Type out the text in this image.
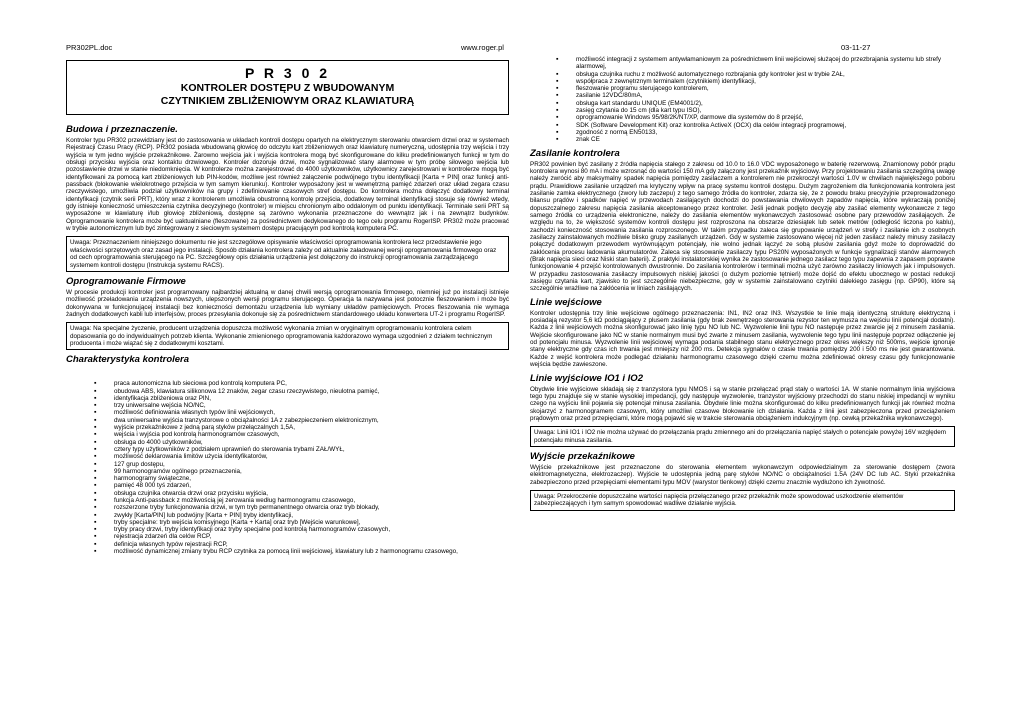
PR302PL.doc	www.roger.pl	03-11-27
P R 3 0 2
KONTROLER DOSTĘPU Z WBUDOWANYM
CZYTNIKIEM ZBLIŻENIOWYM ORAZ KLAWIATURĄ
Budowa i przeznaczenie.
Kontroler typu PR302 przewidziany jest do zastosowania w układach kontroli dostępu opartych na elektrycznym sterowaniu otwarciem drzwi oraz w systemach Rejestracji Czasu Pracy (RCP). PR302 posiada wbudowaną głowicę do odczytu kart zbliżeniowych oraz klawiaturę numeryczną, udostępnia trzy wejścia i trzy wyjścia w tym jedno wyjście przekaźnikowe. Żarowno wejścia jak i wyjścia kontrolera mogą być skonfigurowane do kilku predefiniowanych funkcji w tym do obsługi przycisku wyjścia oraz kontaktu drzwiowego. Kontroler dozoruje drzwi, może sygnalizować stany alarmowe w tym próbę siłowego wejścia lub pozostawienie drzwi w stanie niedomknięcia. W kontrolerze można zarejestrować do 4000 użytkowników, użytkownicy zarejestrowani w kontrolerze mogą być identyfikowani za pomocą kart zbliżeniowych lub PIN-kodów, możliwe jest również załączenie podwójnego trybu identyfikacji [Karta + PIN] oraz funkcji anti-passback (blokowanie wielokrotnego przejścia w tym samym kierunku). Kontroler wyposażony jest w wewnętrzną pamięć zdarzeń oraz układ zegara czasu rzeczywistego, umożliwia podział użytkowników na grupy i zdefiniowanie czasowych stref dostępu. Do kontrolera można dołączyć dodatkowy terminal identyfikacji (czytnik serii PRT), który wraz z kontrolerem umożliwia obustronną kontrolę przejścia, dodatkowy terminal identyfikacji stosuje się również wtedy, gdy istnieje konieczność umieszczenia czytnika decyzyjnego (kontroler) w miejscu chronionym albo oddalonym od punktu identyfikacji. Terminale serii PRT są wyposażone w klawiaturę i/lub głowicę zbliżeniową, dostępne są zarówno wykonania przeznaczone do wewnątrz jak i na zewnątrz budynków. Oprogramowanie kontrolera może być uaktualniane (fleszowane) za pośrednictwem dedykowanego do tego celu programu RogerISP. PR302 może pracować w trybie autonomicznym lub być zintegrowany z sieciowym systemem dostępu pracującym pod kontrolą komputera PC.
Uwaga: Przeznaczeniem niniejszego dokumentu nie jest szczegółowe opisywanie właściwości oprogramowania kontrolera lecz przedstawienie jego właściwości sprzętowych oraz zasad jego instalacji. Sposób działania kontrolera zależy od aktualnie załadowanej wersji oprogramowania firmowego oraz od cech oprogramowania sterującego na PC. Szczegółowy opis działania urządzenia jest dołączony do instrukcji oprogramowania zarządzającego systemem kontroli dostępu (Instrukcja systemu RACS).
Oprogramowanie Firmowe
W procesie produkcji kontroler jest programowany najbardziej aktualną w danej chwili wersją oprogramowania firmowego, niemniej już po instalacji istnieje możliwość przeładowania urządzenia nowszych, ulepszonych wersji programu sterującego. Operacja ta nazywana jest potocznie fleszowaniem i może być dokonywana w funkcjonującej instalacji bez konieczności demontażu urządzenia lub wymiany układów pamięciowych. Proces fleszowania nie wymaga żadnych dodatkowych kabli lub interfejsów, proces przesyłania dokonuje się za pośrednictwem standardowego układu konwertera UT-2 i programu RogerISP.
Uwaga: Na specjalne życzenie, producent urządzenia dopuszcza możliwość wykonania zmian w oryginalnym oprogramowaniu kontrolera celem dopasowania go do indywidualnych potrzeb klienta. Wykonanie zmienionego oprogramowania każdorazowo wymaga uzgodnień z działem technicznym producenta i może wiązać się z dodatkowymi kosztami.
Charakterystyka kontrolera
▪ praca autonomiczna lub sieciowa pod kontrolą komputera PC,
▪ obudowa ABS, klawiatura silikonowa 12 znaków, zegar czasu rzeczywistego, nieulotna pamięć,
▪ identyfikacja zbliżeniowa oraz PIN,
▪ trzy uniwersalne wejścia NO/NC,
▪ możliwość definiowania własnych typów linii wejściowych,
▪ dwa uniwersalne wyjścia tranzystorowe o obciążalności 1A z zabezpieczeniem elektronicznym,
▪ wyjście przekaźnikowe z jedną parą styków przełączalnych 1,5A,
▪ wejścia i wyjścia pod kontrolą harmonogramów czasowych,
▪ obsługa do 4000 użytkowników,
▪ cztery typy użytkowników z podziałem uprawnień do sterowania trybami ZAŁ/WYŁ,
▪ możliwość deklarowania limitów użycia identyfikatorów,
▪ 127 grup dostępu,
▪ 99 harmonogramów ogólnego przeznaczenia,
▪ harmonogramy świąteczne,
▪ pamięć 48 000 tyś zdarzeń,
▪ obsługa czujnika otwarcia drzwi oraz przycisku wyjścia,
▪ funkcja Anti-passback z możliwością jej zerowania według harmonogramu czasowego,
▪ rozszerzone tryby funkcjonowania drzwi, w tym tryb permanentnego otwarcia oraz tryb blokady,
▪ zwykły [Karta/PIN] lub podwójny [Karta + PIN] tryby identyfikacji,
▪ tryby specjalne: tryb wejścia komisyjnego [Karta + Karta] oraz tryb [Wejście warunkowe],
▪ tryby pracy drzwi, tryby identyfikacji oraz tryby specjalne pod kontrolą harmonogramów czasowych,
▪ rejestracja zdarzeń dla celów RCP,
▪ definicja własnych typów rejestracji RCP,
▪ możliwość dynamicznej zmiany trybu RCP czytnika za pomocą linii wejściowej, klawiatury lub z harmonogramu czasowego,
▪ możliwość integracji z systemem antywłamaniowym za pośrednictwem linii wejściowej służącej do przezbrajania systemu lub strefy alarmowej,
▪ obsługa czujnika ruchu z możliwość automatycznego rozbrajania gdy kontroler jest w trybie ZAŁ,
▪ współpraca z zewnętrznym terminalem (czytnikiem) identyfikacji,
▪ fleszowanie programu sterującego kontrolerem,
▪ zasilanie 12VDC/80mA,
▪ obsługa kart standardu UNIQUE (EM4001/2),
▪ zasięg czytania do 15 cm (dla kart typu ISO),
▪ oprogramowanie Windows 95/98/2K/NT/XP, darmowe dla systemów do 8 przejść,
▪ SDK (Software Development Kit) oraz kontrolka ActiveX (OCX) dla celów integracji programowej,
▪ zgodność z normą EN50133,
▪ znak CE
Zasilanie kontrolera
PR302 powinien być zasilany z źródła napięcia stałego z zakresu od 10.0 to 16.0 VDC wyposażonego w baterię rezerwową. Znamionowy pobór prądu kontrolera wynosi 80 mA i może wzrosnąć do wartości 150 mA gdy załączony jest przekaźnik wyjściowy. Przy projektowaniu zasilania szczególną uwagę należy zwrócić aby maksymalny spadek napięcia pomiędzy zasilaczem a kontrolerem nie przekroczył wartości 1.0V w chwilach największego poboru prądu. Prawidłowe zasilanie urządzeń ma krytyczny wpływ na pracę systemu kontroli dostępu. Dużym zagrożeniem dla funkcjonowania kontrolera jest zasilanie zamka elektrycznego (zwory lub zaczepu) z tego samego źródła do kontroler, zdarza się, że z powodu braku precyzyjnie przeprowadzonego bilansu prądów i spadków napięć w przewodach zasilających dochodzi do powstawania chwilowych zapadów napięcia, które wykraczają poniżej dopuszczalnego zakresu napięcia zasilania akceptowanego przez kontroler. Jeśli jednak podjęto decyzję aby zasilać elementy wykonawcze z tego samego źródła co urządzenia elektroniczne, należy do zasilania elementów wykonawczych zastosować osobne pary przewodów zasilających. Ze względu na to, że większość systemów kontroli dostępu jest rozproszona na obszarze dziesiątek lub setek metrów (odległość liczona po kablu), zachodzi konieczność stosowania zasilania rozproszonego. W takim przypadku zaleca się grupowanie urządzeń w strefy i zasilanie ich z osobnych zasilaczy zainstalowanych możliwie blisko grupy zasilanych urządzeń. Gdy w systemie zastosowano więcej niż jeden zasilacz należy minusy zasilaczy połączyć dodatkowym przewodem wyrównującym potencjały, nie wolno jednak łączyć ze sobą plusów zasilania gdyż może to doprowadzić do zakłócenia procesu ładowania akumulatorów. Zaleca się stosowanie zasilaczy typu PS20N wyposażonych w funkcje sygnalizacji stanów alarmowych (Brak napięcia sieci oraz Niski stan baterii). Z praktyki instalatorskiej wynika że zastosowanie jednego zasilacz tego typu zapewnia z zapasem poprawne funkcjonowanie 4 przejść kontrolowanych dwustronnie. Do zasilania kontrolerów i terminali można użyć zarówno zasilaczy liniowych jak i impulsowych. W przypadku zastosowania zasilaczy impulsowych niskiej jakości (o dużym poziomie tętnień) może dojść do efektu ubocznego w postaci redukcji zasięgu czytania kart, zjawisko to jest szczególnie niebezpieczne, gdy w systemie zainstalowano czytniki dalekiego zasięgu (np. GP90), które są szczególnie wrażliwe na zakłócenia w liniach zasilających.
Linie wejściowe
Kontroler udostępnia trzy linie wejściowe ogólnego przeznaczenia: IN1, IN2 oraz IN3. Wszystkie te linie mają identyczną strukturę elektryczną i posiadają rezystor 5,6 kΩ podciągający z plusem zasilania (gdy brak zewnętrzego sterowania rezystor ten wymusza na wejściu linii potencjał dodatni). Każda z linii wejściowych można skonfigurować jako linię typu NO lub NC. Wyzwolenie linii typu NO następuje przez zwarcie jej z minusem zasilania. Wejście skonfigurowane jako NC w stanie normalnym musi być zwarte z minusem zasilania, wyzwolenie tego typu linii następuje poprzez odłączenie jej od potencjału minusa. Wyzwolenie linii wejściowej wymaga podania stabilnego stanu elektrycznego przez okres większy niż 500ms, wejście ignoruje stany elektryczne gdy czas ich trwania jest mniejszy niż 200 ms. Detekcja sygnałów o czasie trwania pomiędzy 200 i 500 ms nie jest gwarantowana. Każde z wejść kontrolera może podlegać działaniu harmonogramu czasowego dzięki czemu można zdefiniować okresy czasu gdy funkcjonowanie wejścia będzie zawieszone.
Linie wyjściowe IO1 i IO2
Obydwie linie wyjściowe składają się z tranzystora typu NMOS i są w stanie przełączać prąd stały o wartości 1A. W stanie normalnym linia wyjściowa tego typu znajduje się w stanie wysokiej impedancji, gdy następuje wyzwolenie, tranzystor wyjściowy przechodzi do stanu niskiej impedancji w wyniku czego na wyjściu linii pojawia się potencjał minusa zasilania. Obydwie linie można skonfigurować do kilku predefiniowanych funkcji jak również można skojarzyć z harmonogramem czasowym, który umożliwi czasowe blokowanie ich działania. Każda z linii jest zabezpieczona przed przeciążeniem prądowym oraz przed przepięciami, które mogą pojawić się w trakcie sterowania obciążeniem indukcyjnym (np. cewką przekaźnika wykonawczego).
Uwaga: Linii IO1 i IO2 nie można używać do przełączania prądu zmiennego ani do przełączania napięć stałych o potencjale powyżej 16V względem potencjału minusa zasilania.
Wyjście przekaźnikowe
Wyjście przekaźnikowe jest przeznaczone do sterowania elementem wykonawczym odpowiedzialnym za sterowanie dostępem (zwora elektromagnetyczna, elektrozaczep). Wyjście te udostępnia jedną parę styków NO/NC o obciążalności 1.5A (24V DC lub AC. Styki przekaźnika zabezpieczono przed przepięciami elementami typu MOV (warystor tlenkowy) dzięki czemu znacznie wydłużono ich żywotność.
Uwaga: Przekroczenie dopuszczalne wartości napięcia przełączanego przez przekaźnik może spowodować uszkodzenie elementów zabezpieczających i tym samym spowodować wadliwe działanie wyjścia.
